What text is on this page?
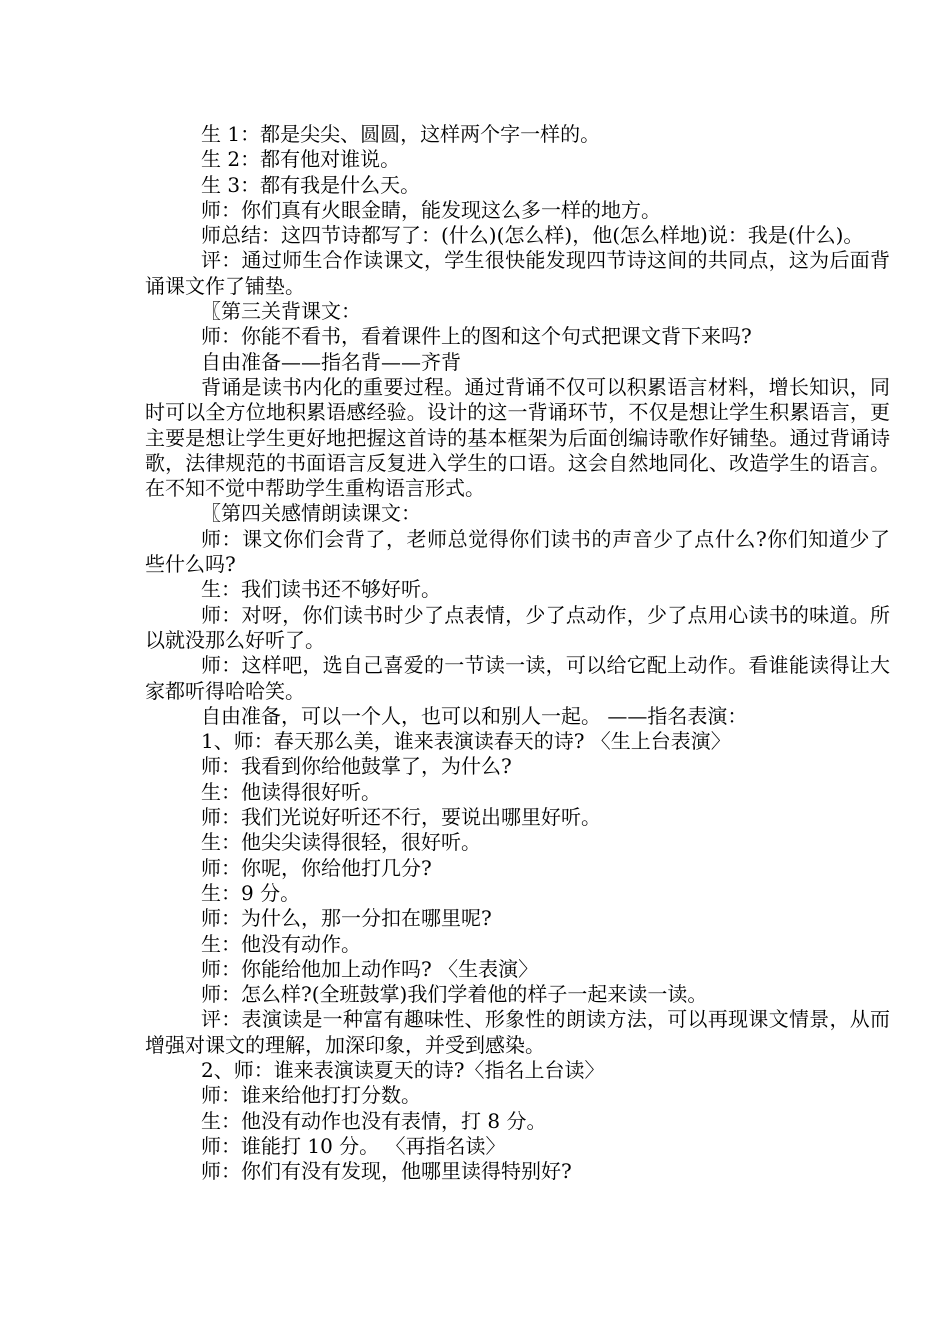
生 1：都是尖尖、圆圆，这样两个字一样的。

生 2：都有他对谁说。

生 3：都有我是什么天。

师：你们真有火眼金睛，能发现这么多一样的地方。

师总结：这四节诗都写了：(什么)(怎么样)，他(怎么样地)说：我是(什么)。

评：通过师生合作读课文，学生很快能发现四节诗这间的共同点，这为后面背诵课文作了铺垫。

〖第三关背课文：

师：你能不看书，看着课件上的图和这个句式把课文背下来吗?

自由准备——指名背——齐背

背诵是读书内化的重要过程。通过背诵不仅可以积累语言材料，增长知识，同时可以全方位地积累语感经验。设计的这一背诵环节，不仅是想让学生积累语言，更主要是想让学生更好地把握这首诗的基本框架为后面创编诗歌作好铺垫。通过背诵诗歌，法律规范的书面语言反复进入学生的口语。这会自然地同化、改造学生的语言。在不知不觉中帮助学生重构语言形式。

〖第四关感情朗读课文：

师：课文你们会背了，老师总觉得你们读书的声音少了点什么?你们知道少了些什么吗?

生：我们读书还不够好听。

师：对呀，你们读书时少了点表情，少了点动作，少了点用心读书的味道。所以就没那么好听了。

师：这样吧，选自己喜爱的一节读一读，可以给它配上动作。看谁能读得让大家都听得哈哈笑。

自由准备，可以一个人，也可以和别人一起。 ——指名表演：

1、师：春天那么美，谁来表演读春天的诗? 〈生上台表演〉

师：我看到你给他鼓掌了，为什么?

生：他读得很好听。

师：我们光说好听还不行，要说出哪里好听。

生：他尖尖读得很轻，很好听。

师：你呢，你给他打几分?

生：9 分。

师：为什么，那一分扣在哪里呢?

生：他没有动作。

师：你能给他加上动作吗? 〈生表演〉

师：怎么样?(全班鼓掌)我们学着他的样子一起来读一读。

评：表演读是一种富有趣味性、形象性的朗读方法，可以再现课文情景，从而增强对课文的理解，加深印象，并受到感染。

2、师：谁来表演读夏天的诗?〈指名上台读〉

师：谁来给他打打分数。

生：他没有动作也没有表情，打 8 分。

师：谁能打 10 分。 〈再指名读〉

师：你们有没有发现，他哪里读得特别好?
